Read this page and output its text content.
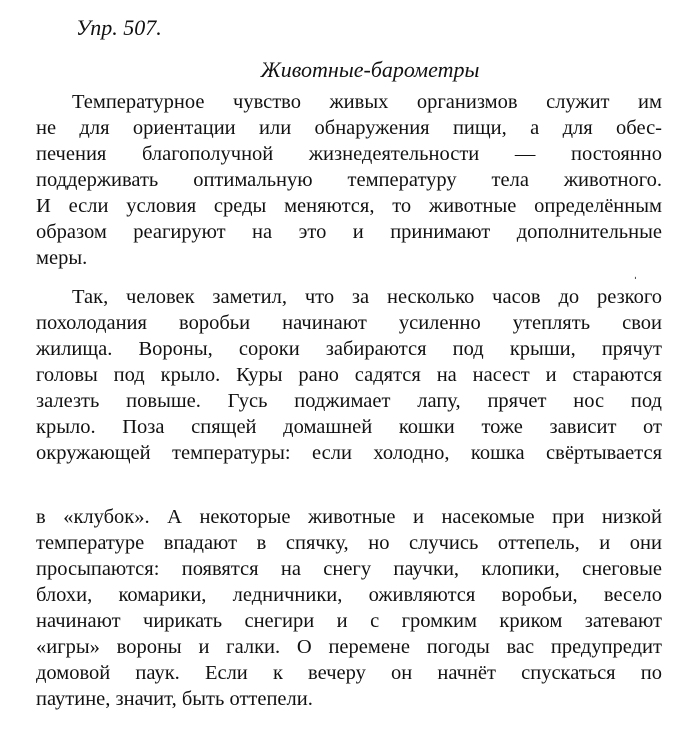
Упр. 507.
Животные-барометры
Температурное чувство живых организмов служит им
не для ориентации или обнаружения пищи, а для обес-
печения благополучной жизнедеятельности — постоянно
поддерживать оптимальную температуру тела животного.
И если условия среды меняются, то животные определённым
образом реагируют на это и принимают дополнительные
меры.
ˌ
Так, человек заметил, что за несколько часов до резкого
похолодания воробьи начинают усиленно утеплять свои
жилища. Вороны, сороки забираются под крыши, прячут
головы под крыло. Куры рано садятся на насест и стараются
залезть повыше. Гусь поджимает лапу, прячет нос под
крыло. Поза спящей домашней кошки тоже зависит от
окружающей температуры: если холодно, кошка свёртывается
в «клубок». А некоторые животные и насекомые при низкой
температуре впадают в спячку, но случись оттепель, и они
просыпаются: появятся на снегу паучки, клопики, снеговые
блохи, комарики, ледничники, оживляются воробьи, весело
начинают чирикать снегири и с громким криком затевают
«игры» вороны и галки. О перемене погоды вас предупредит
домовой паук. Если к вечеру он начнёт спускаться по
паутине, значит, быть оттепели.
